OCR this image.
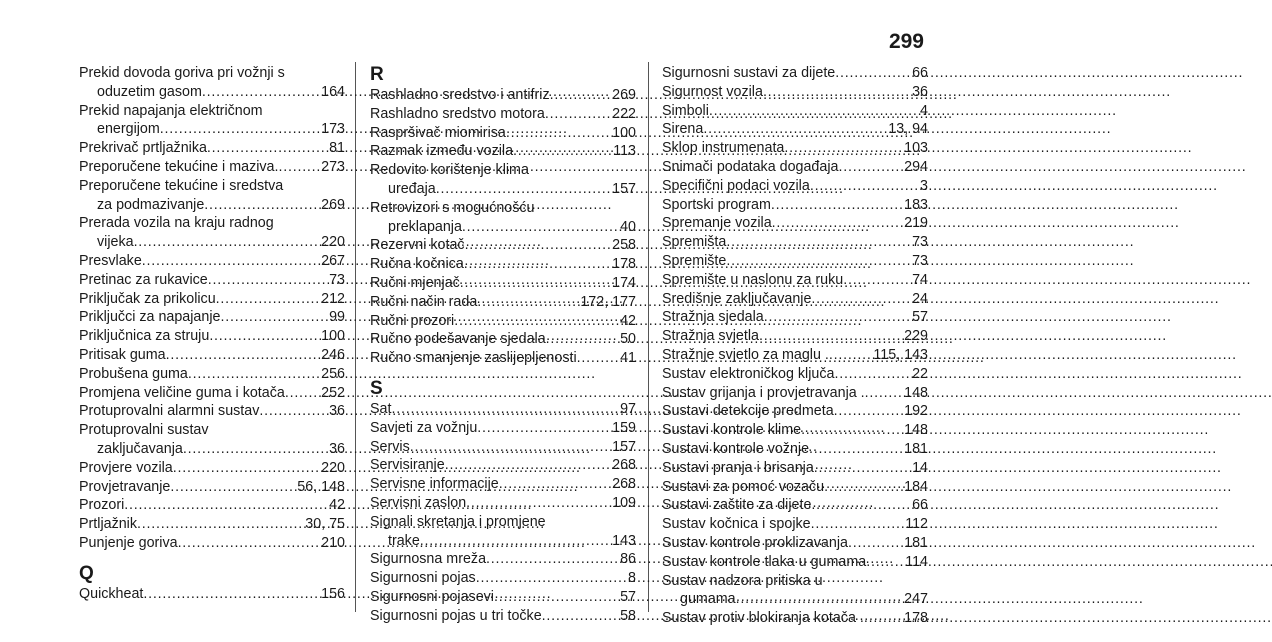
299
Prekid dovoda goriva pri vožnji s
oduzetim gasom . . .	164
Prekid napajanja električnom
energijom . . .	173
Prekrivač prtljažnika . . .	81
Preporučene tekućine i maziva. . . .	273
Preporučene tekućine i sredstva
za podmazivanje . . .	269
Prerada vozila na kraju radnog
vijeka . . .	220
Presvlake . . .	267
Pretinac za rukavice . . .	73
Priključak za prikolicu . . .	212
Priključci za napajanje . . .	99
Priključnica za struju . . .	100
Pritisak guma . . .	246
Probušena guma . . .	256
Promjena veličine guma i kotača . . .	252
Protuprovalni alarmni sustav . . .	36
Protuprovalni sustav
zaključavanja . . .	36
Provjere vozila . . .	220
Provjetravanje . . .	56, 148
Prozori . . .	42
Prtljažnik . . .	30, 75
Punjenje goriva . . .	210
Q
Quickheat . . .	156
R
Rashladno sredstvo i antifriz . . .	269
Rashladno sredstvo motora . . .	222
Raspršivač miomirisa . . .	100
Razmak između vozila . . .	113
Redovito korištenje klima
uređaja . . .	157
Retrovizori s mogućnošću
preklapanja . . .	40
Rezervni kotač . . .	258
Ručna kočnica . . .	178
Ručni mjenjač . . .	174
Ručni način rada . . .	172, 177
Ručni prozori . . .	42
Ručno podešavanje sjedala . . .	50
Ručno smanjenje zaslijepljenosti . . .	41
S
Sat . . .	97
Savjeti za vožnju . . .	159
Servis . . .	157
Servisiranje . . .	268
Servisne informacije . . .	268
Servisni zaslon . . .	109
Signali skretanja i promjene
trake . . .	143
Sigurnosna mreža . . .	86
Sigurnosni pojas . . .	8
Sigurnosni pojasevi . . .	57
Sigurnosni pojas u tri točke . . .	58
Sigurnosni sustavi za dijete . . .	66
Sigurnost vozila . . .	36
Simboli . . .	4
Sirena . . .	13, 94
Sklop instrumenata . . .	103
Snimači podataka događaja . . .	294
Specifični podaci vozila . . .	3
Sportski program . . .	183
Spremanje vozila . . .	219
Spremišta . . .	73
Spremište . . .	73
Spremište u naslonu za ruku . . .	74
Središnje zaključavanje . . .	24
Stražnja sjedala . . .	57
Stražnja svjetla . . .	229
Stražnje svjetlo za maglu . . . .	115, 143
Sustav elektroničkog ključa . . .	22
Sustav grijanja i provjetravanja . . . .	148
Sustavi detekcije predmeta . . .	192
Sustavi kontrole klime . . .	148
Sustavi kontrole vožnje . . .	181
Sustavi pranja i brisanja . . .	14
Sustavi za pomoć vozaču . . .	184
Sustavi zaštite za dijete . . .	66
Sustav kočnica i spojke . . .	112
Sustav kontrole proklizavanja . . .	181
Sustav kontrole tlaka u gumama . . .	114
Sustav nadzora pritiska u
gumama . . .	247
Sustav protiv blokiranja kotača . . . .	178
